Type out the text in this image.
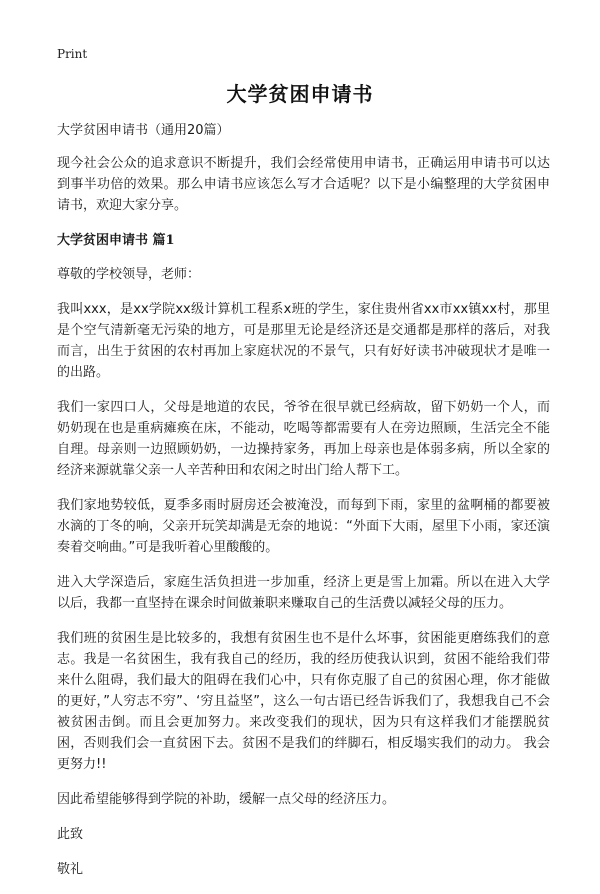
Print
大学贫困申请书

大学贫困申请书（通用20篇）

现今社会公众的追求意识不断提升，我们会经常使用申请书，正确运用申请书可以达到事半功倍的效果。那么申请书应该怎么写才合适呢？以下是小编整理的大学贫困申请书，欢迎大家分享。

大学贫困申请书 篇1

尊敬的学校领导，老师：

我叫xxx，是xx学院xx级计算机工程系x班的学生，家住贵州省xx市xx镇xx村，那里是个空气清新毫无污染的地方，可是那里无论是经济还是交通都是那样的落后，对我而言，出生于贫困的农村再加上家庭状况的不景气，只有好好读书冲破现状才是唯一的出路。

我们一家四口人，父母是地道的农民，爷爷在很早就已经病故，留下奶奶一个人，而奶奶现在也是重病瘫痪在床，不能动，吃喝等都需要有人在旁边照顾，生活完全不能自理。母亲则一边照顾奶奶，一边操持家务，再加上母亲也是体弱多病，所以全家的经济来源就靠父亲一人辛苦种田和农闲之时出门给人帮下工。

我们家地势较低，夏季多雨时厨房还会被淹没，而每到下雨，家里的盆啊桶的都要被水滴的丁冬的响，父亲开玩笑却满是无奈的地说：“外面下大雨，屋里下小雨，家还演奏着交响曲。”可是我听着心里酸酸的。

进入大学深造后，家庭生活负担进一步加重，经济上更是雪上加霜。所以在进入大学以后，我都一直坚持在课余时间做兼职来赚取自己的生活费以减轻父母的压力。

我们班的贫困生是比较多的，我想有贫困生也不是什么坏事，贫困能更磨练我们的意志。我是一名贫困生，我有我自己的经历，我的经历使我认识到，贫困不能给我们带来什么阻碍，我们最大的阻碍在我们心中，只有你克服了自己的贫困心理，你才能做的更好，”人穷志不穷”、‘穷且益坚”，这么一句古语已经告诉我们了，我想我自己不会被贫困击倒。而且会更加努力。来改变我们的现状，因为只有这样我们才能摆脱贫困，否则我们会一直贫困下去。贫困不是我们的绊脚石，相反塌实我们的动力。 我会更努力!!

因此希望能够得到学院的补助，缓解一点父母的经济压力。

此致

敬礼
